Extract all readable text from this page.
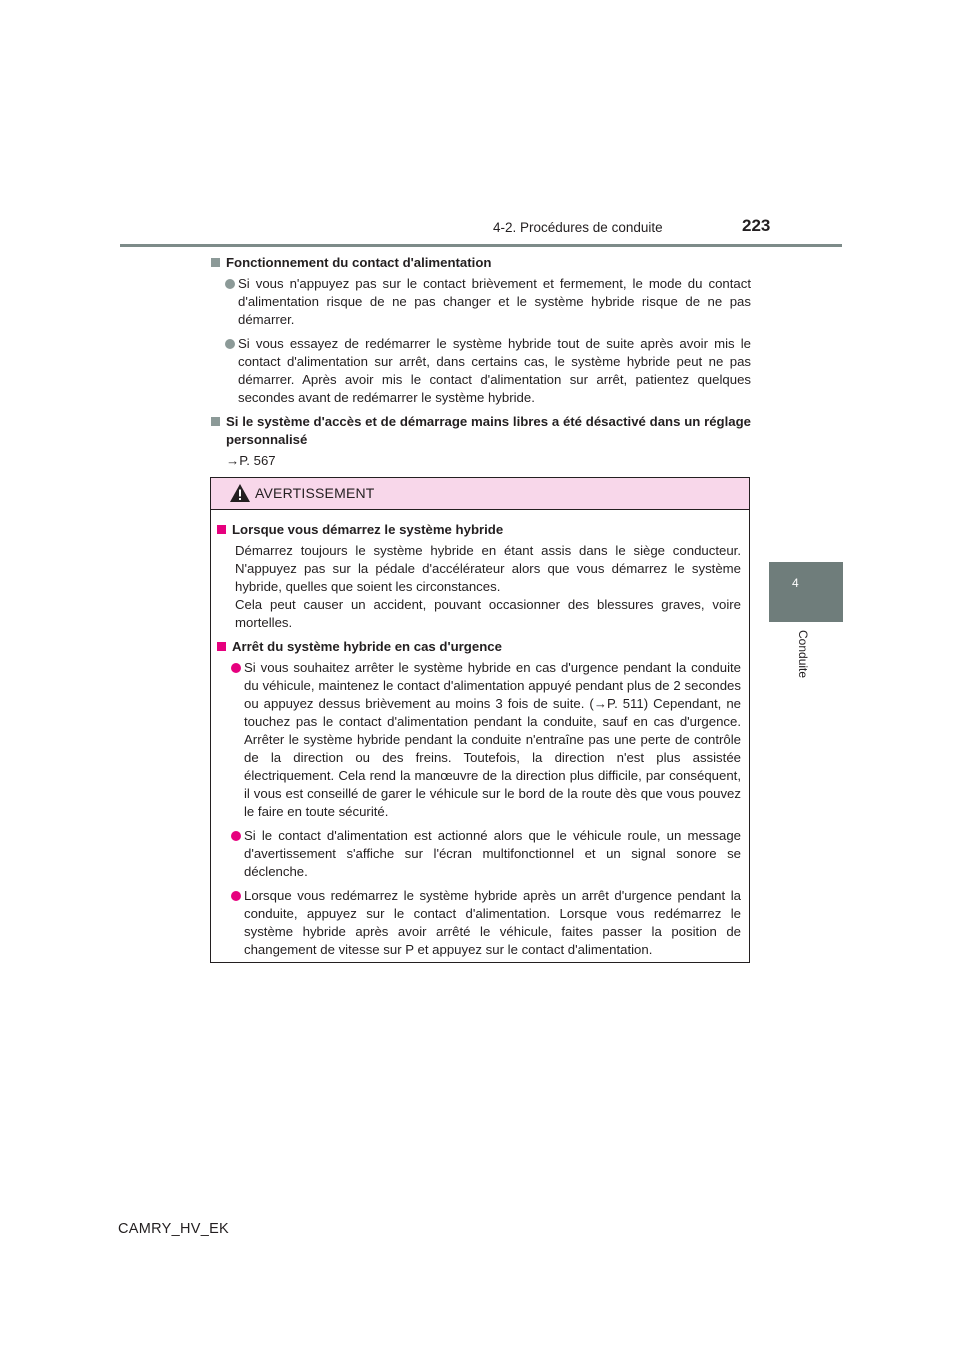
4-2. Procédures de conduite	223
4
Conduite
Fonctionnement du contact d'alimentation
Si vous n'appuyez pas sur le contact brièvement et fermement, le mode du contact d'alimentation risque de ne pas changer et le système hybride risque de ne pas démarrer.
Si vous essayez de redémarrer le système hybride tout de suite après avoir mis le contact d'alimentation sur arrêt, dans certains cas, le système hybride peut ne pas démarrer. Après avoir mis le contact d'alimentation sur arrêt, patientez quelques secondes avant de redémarrer le système hybride.
Si le système d'accès et de démarrage mains libres a été désactivé dans un réglage personnalisé
→P. 567
AVERTISSEMENT
Lorsque vous démarrez le système hybride
Démarrez toujours le système hybride en étant assis dans le siège conducteur. N'appuyez pas sur la pédale d'accélérateur alors que vous démarrez le système hybride, quelles que soient les circonstances.
Cela peut causer un accident, pouvant occasionner des blessures graves, voire mortelles.
Arrêt du système hybride en cas d'urgence
Si vous souhaitez arrêter le système hybride en cas d'urgence pendant la conduite du véhicule, maintenez le contact d'alimentation appuyé pendant plus de 2 secondes ou appuyez dessus brièvement au moins 3 fois de suite. (→P. 511) Cependant, ne touchez pas le contact d'alimentation pendant la conduite, sauf en cas d'urgence. Arrêter le système hybride pendant la conduite n'entraîne pas une perte de contrôle de la direction ou des freins. Toutefois, la direction n'est plus assistée électriquement. Cela rend la manœuvre de la direction plus difficile, par conséquent, il vous est conseillé de garer le véhicule sur le bord de la route dès que vous pouvez le faire en toute sécurité.
Si le contact d'alimentation est actionné alors que le véhicule roule, un message d'avertissement s'affiche sur l'écran multifonctionnel et un signal sonore se déclenche.
Lorsque vous redémarrez le système hybride après un arrêt d'urgence pendant la conduite, appuyez sur le contact d'alimentation. Lorsque vous redémarrez le système hybride après avoir arrêté le véhicule, faites passer la position de changement de vitesse sur P et appuyez sur le contact d'alimentation.
CAMRY_HV_EK
